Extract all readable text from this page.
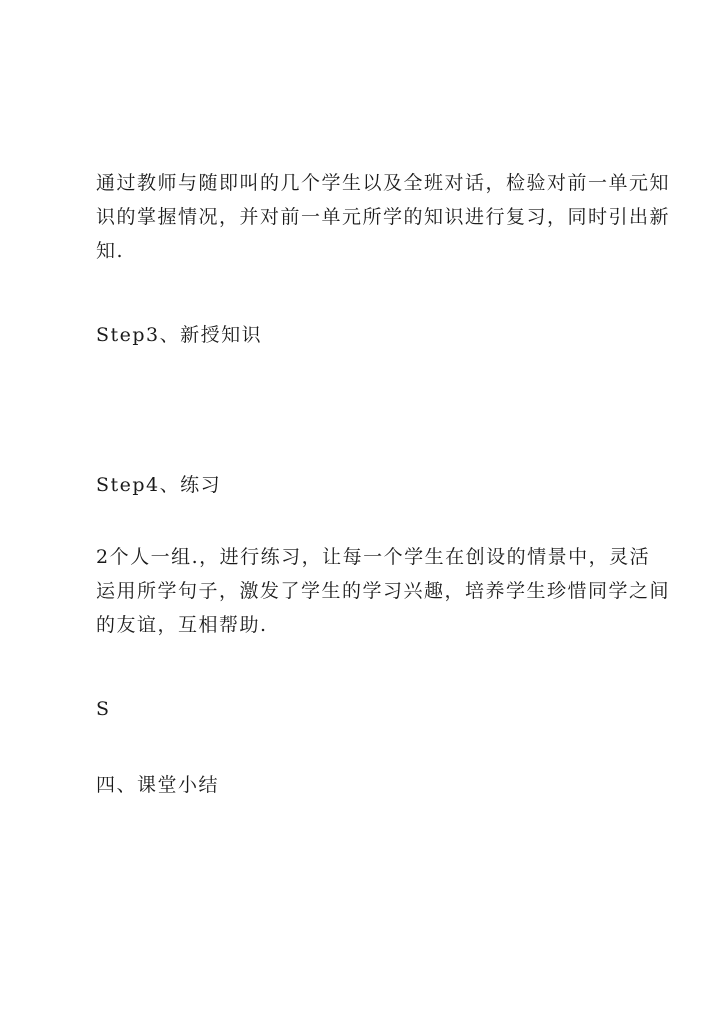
通过教师与随即叫的几个学生以及全班对话，检验对前一单元知
识的掌握情况，并对前一单元所学的知识进行复习，同时引出新
知.

Step3、新授知识

Step4、练习

2个人一组.，进行练习，让每一个学生在创设的情景中，灵活
运用所学句子，激发了学生的学习兴趣，培养学生珍惜同学之间
的友谊，互相帮助.

S

四、课堂小结
